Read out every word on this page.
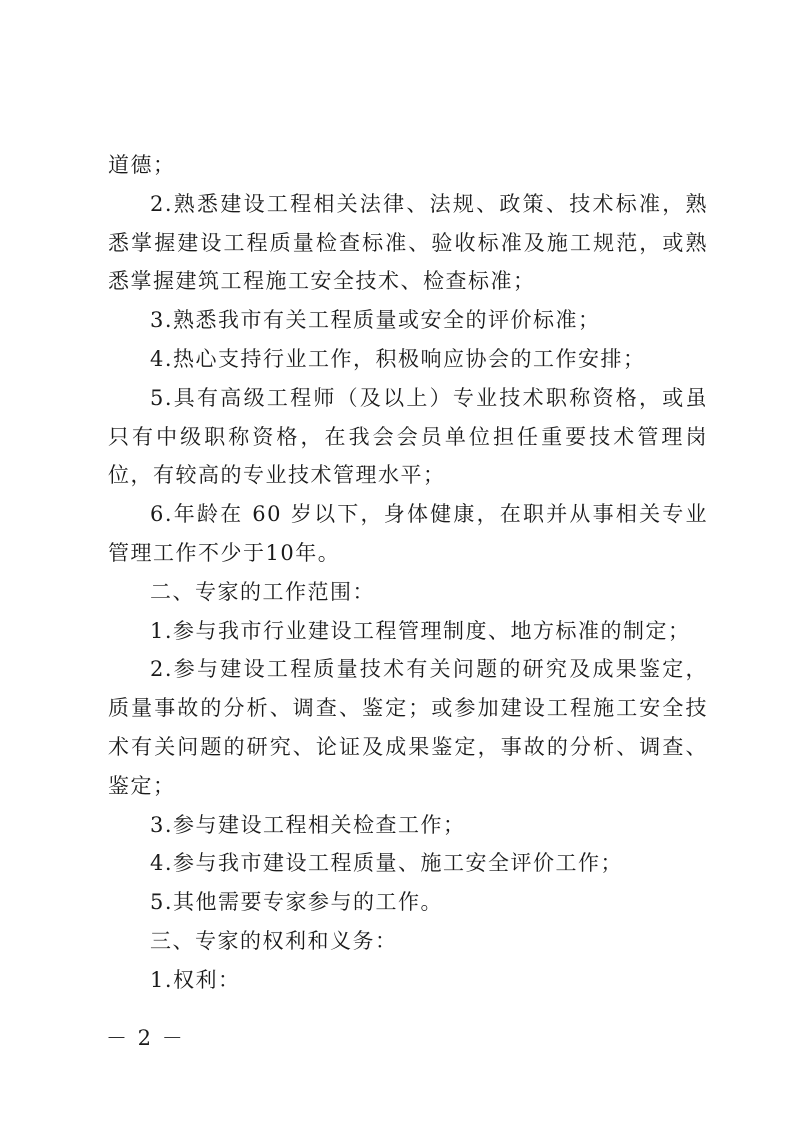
道德；

2.熟悉建设工程相关法律、法规、政策、技术标准，熟悉掌握建设工程质量检查标准、验收标准及施工规范，或熟悉掌握建筑工程施工安全技术、检查标准；

3.熟悉我市有关工程质量或安全的评价标准；

4.热心支持行业工作，积极响应协会的工作安排；

5.具有高级工程师（及以上）专业技术职称资格，或虽只有中级职称资格，在我会会员单位担任重要技术管理岗位，有较高的专业技术管理水平；

6.年龄在 60 岁以下，身体健康，在职并从事相关专业管理工作不少于10年。

二、专家的工作范围：

1.参与我市行业建设工程管理制度、地方标准的制定；

2.参与建设工程质量技术有关问题的研究及成果鉴定，质量事故的分析、调查、鉴定；或参加建设工程施工安全技术有关问题的研究、论证及成果鉴定，事故的分析、调查、鉴定；

3.参与建设工程相关检查工作；

4.参与我市建设工程质量、施工安全评价工作；

5.其他需要专家参与的工作。

三、专家的权利和义务：

1.权利：

－ 2 －
